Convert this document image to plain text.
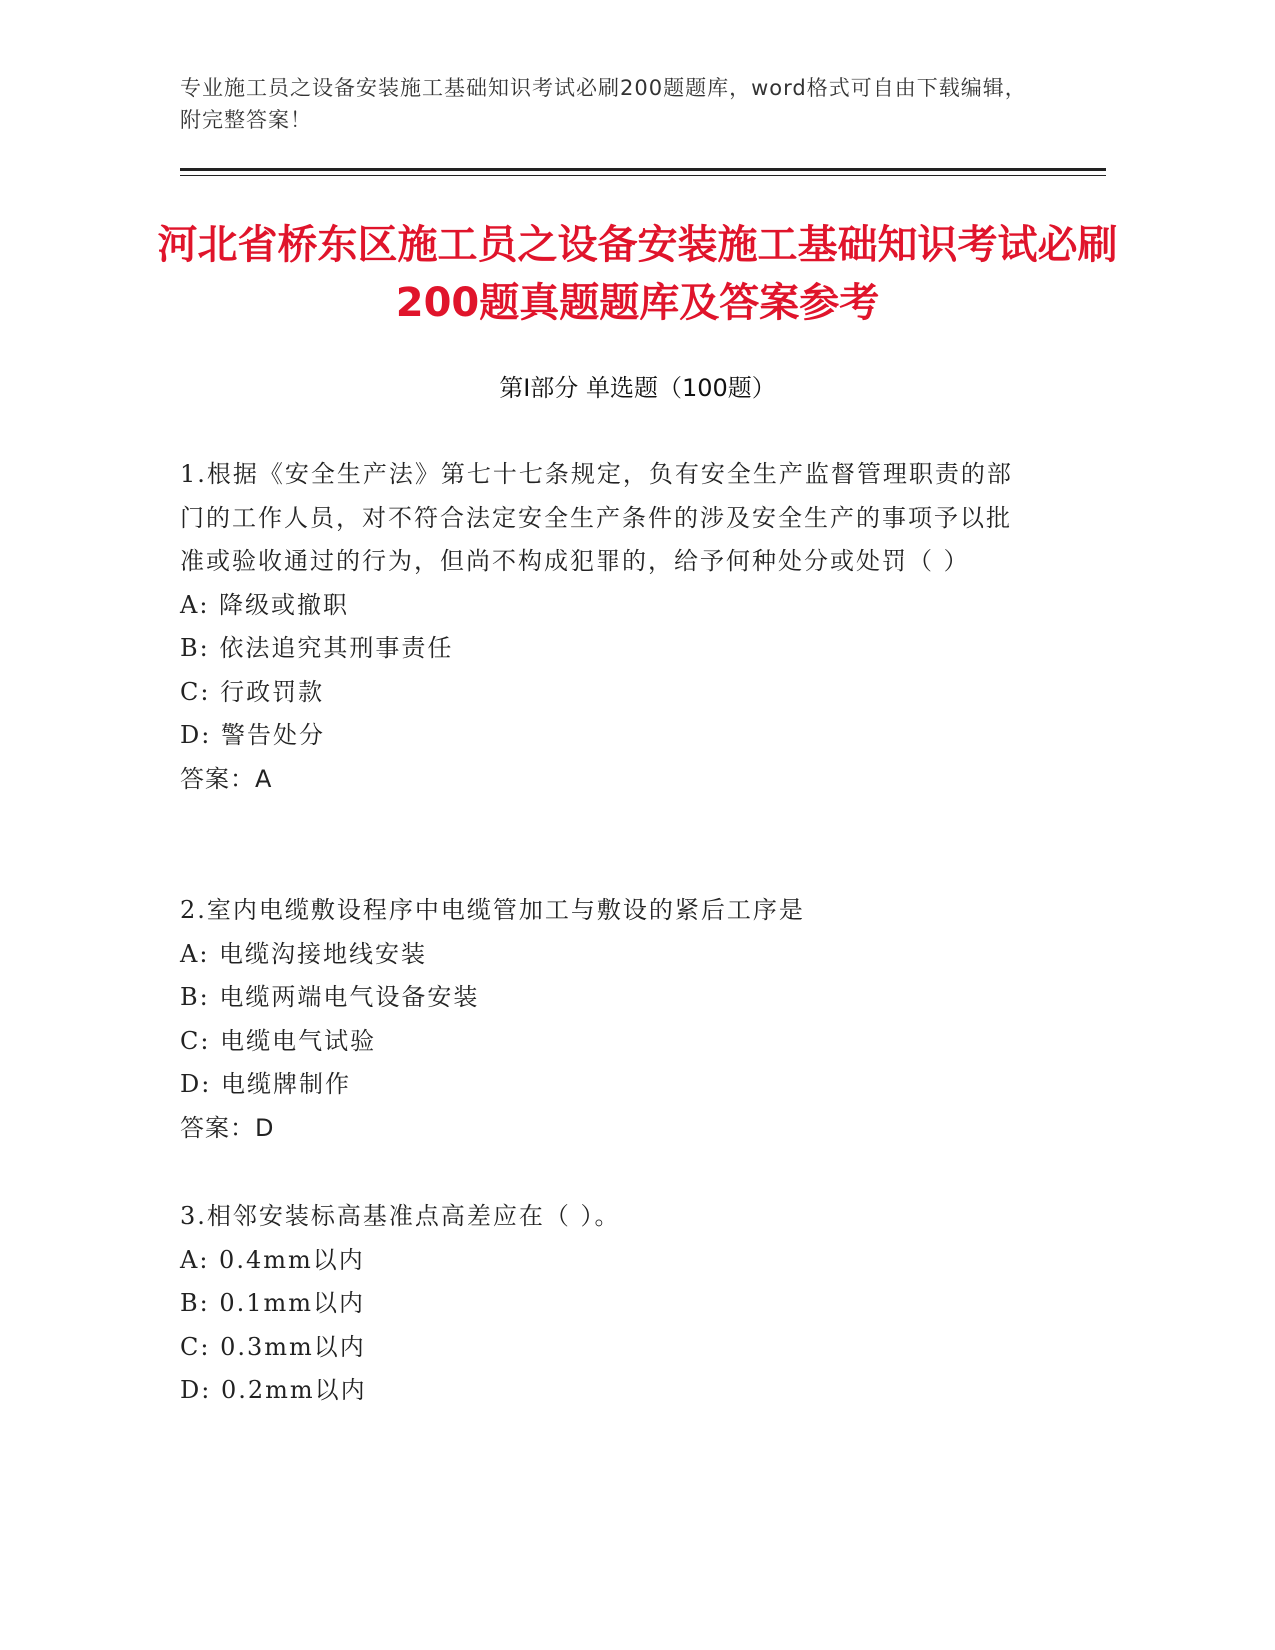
专业施工员之设备安装施工基础知识考试必刷200题题库，word格式可自由下载编辑，附完整答案！
河北省桥东区施工员之设备安装施工基础知识考试必刷200题真题题库及答案参考
第Ⅰ部分 单选题（100题）
1.根据《安全生产法》第七十七条规定，负有安全生产监督管理职责的部门的工作人员，对不符合法定安全生产条件的涉及安全生产的事项予以批准或验收通过的行为，但尚不构成犯罪的，给予何种处分或处罚（ ）
A: 降级或撤职
B: 依法追究其刑事责任
C: 行政罚款
D: 警告处分
答案：A
2.室内电缆敷设程序中电缆管加工与敷设的紧后工序是
A: 电缆沟接地线安装
B: 电缆两端电气设备安装
C: 电缆电气试验
D: 电缆牌制作
答案：D
3.相邻安装标高基准点高差应在（ ）。
A: 0.4mm以内
B: 0.1mm以内
C: 0.3mm以内
D: 0.2mm以内
